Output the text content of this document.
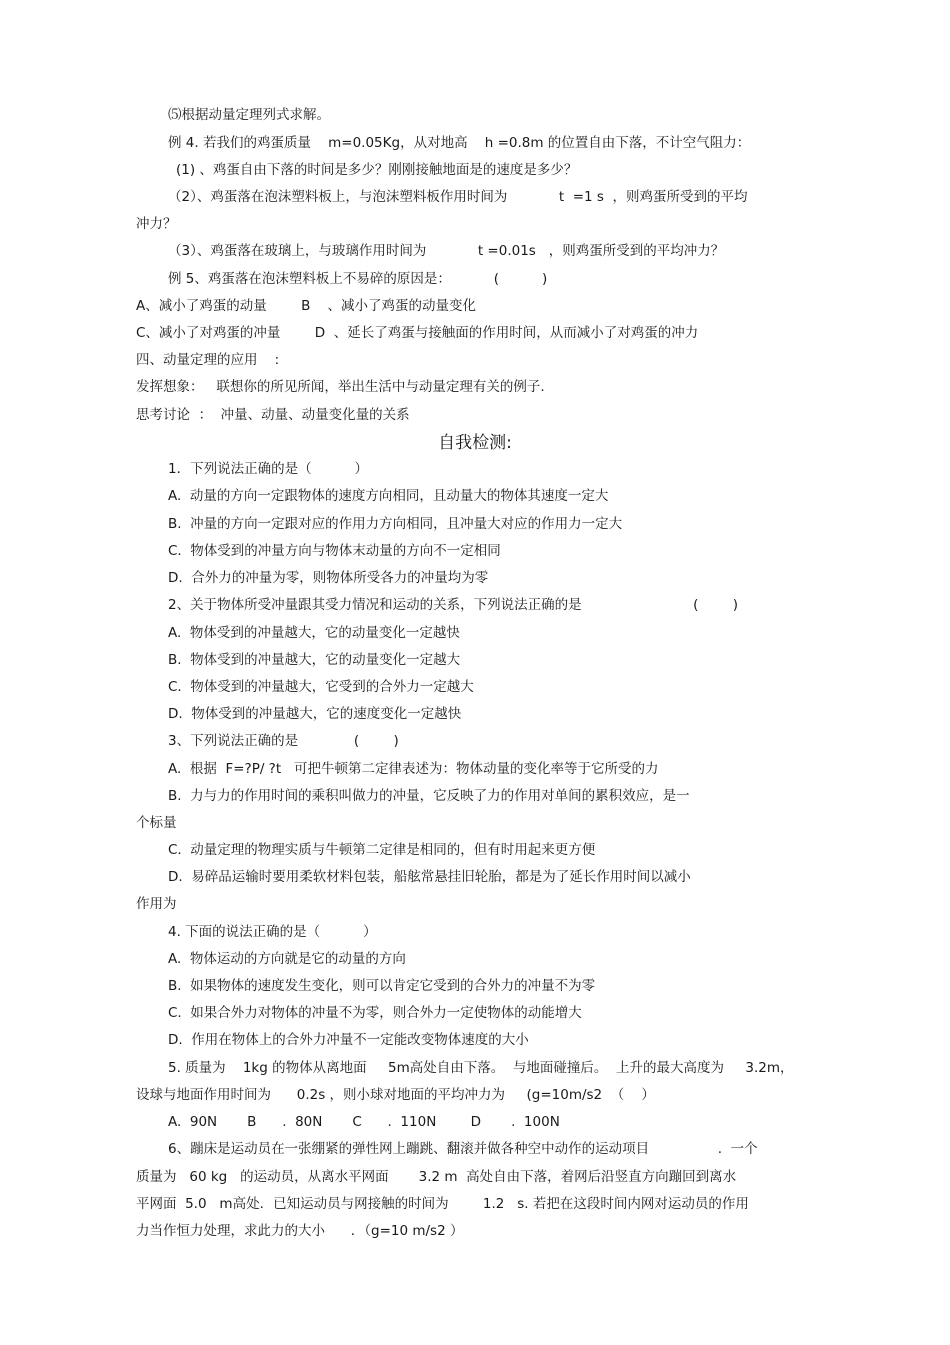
⑸根据动量定理列式求解。
例 4. 若我们的鸡蛋质量    m=0.05Kg，从对地高    h =0.8m 的位置自由下落，不计空气阻力：
(1) 、鸡蛋自由下落的时间是多少？刚刚接触地面是的速度是多少？
（2）、鸡蛋落在泡沫塑料板上，与泡沫塑料板作用时间为            t  =1 s  ，则鸡蛋所受到的平均
冲力？
（3）、鸡蛋落在玻璃上，与玻璃作用时间为            t =0.01s   ，则鸡蛋所受到的平均冲力？
例 5、鸡蛋落在泡沫塑料板上不易碎的原因是：          (          )
A、减小了鸡蛋的动量        B    、减小了鸡蛋的动量变化
C、减小了对鸡蛋的冲量        D  、延长了鸡蛋与接触面的作用时间，从而减小了对鸡蛋的冲力
四、动量定理的应用    :
发挥想象：   联想你的所见所闻，举出生活中与动量定理有关的例子.
思考讨论  ：  冲量、动量、动量变化量的关系
自我检测:
1．下列说法正确的是（          ）
A.  动量的方向一定跟物体的速度方向相同，且动量大的物体其速度一定大
B.  冲量的方向一定跟对应的作用力方向相同，且冲量大对应的作用力一定大
C.  物体受到的冲量方向与物体末动量的方向不一定相同
D.  合外力的冲量为零，则物体所受各力的冲量均为零
2、关于物体所受冲量跟其受力情况和运动的关系，下列说法正确的是                          (        )
A.  物体受到的冲量越大，它的动量变化一定越快
B.  物体受到的冲量越大，它的动量变化一定越大
C.  物体受到的冲量越大，它受到的合外力一定越大
D.  物体受到的冲量越大，它的速度变化一定越快
3、下列说法正确的是             (        )
A.  根据  F=?P/ ?t   可把牛顿第二定律表述为：物体动量的变化率等于它所受的力
B.  力与力的作用时间的乘积叫做力的冲量，它反映了力的作用对单间的累积效应，是一
个标量
C.  动量定理的物理实质与牛顿第二定律是相同的，但有时用起来更方便
D.  易碎品运输时要用柔软材料包装，船舷常悬挂旧轮胎，都是为了延长作用时间以减小
作用为
4. 下面的说法正确的是（          ）
A.  物体运动的方向就是它的动量的方向
B.  如果物体的速度发生变化，则可以肯定它受到的合外力的冲量不为零
C.  如果合外力对物体的冲量不为零，则合外力一定使物体的动能增大
D.  作用在物体上的合外力冲量不一定能改变物体速度的大小
5. 质量为    1kg 的物体从离地面     5m高处自由下落。  与地面碰撞后。  上升的最大高度为     3.2m，
设球与地面作用时间为      0.2s ，则小球对地面的平均冲力为     (g=10m/s2  （    ）
A.  90N       B      .  80N       C      .  110N        D       .  100N
6、蹦床是运动员在一张绷紧的弹性网上蹦跳、翻滚并做各种空中动作的运动项目                .  一个
质量为   60 kg   的运动员，从离水平网面       3.2 m  高处自由下落，着网后沿竖直方向蹦回到离水
平网面  5.0   m高处．已知运动员与网接触的时间为        1.2   s. 若把在这段时间内网对运动员的作用
力当作恒力处理，求此力的大小      ．（g=10 m/s2 ）
